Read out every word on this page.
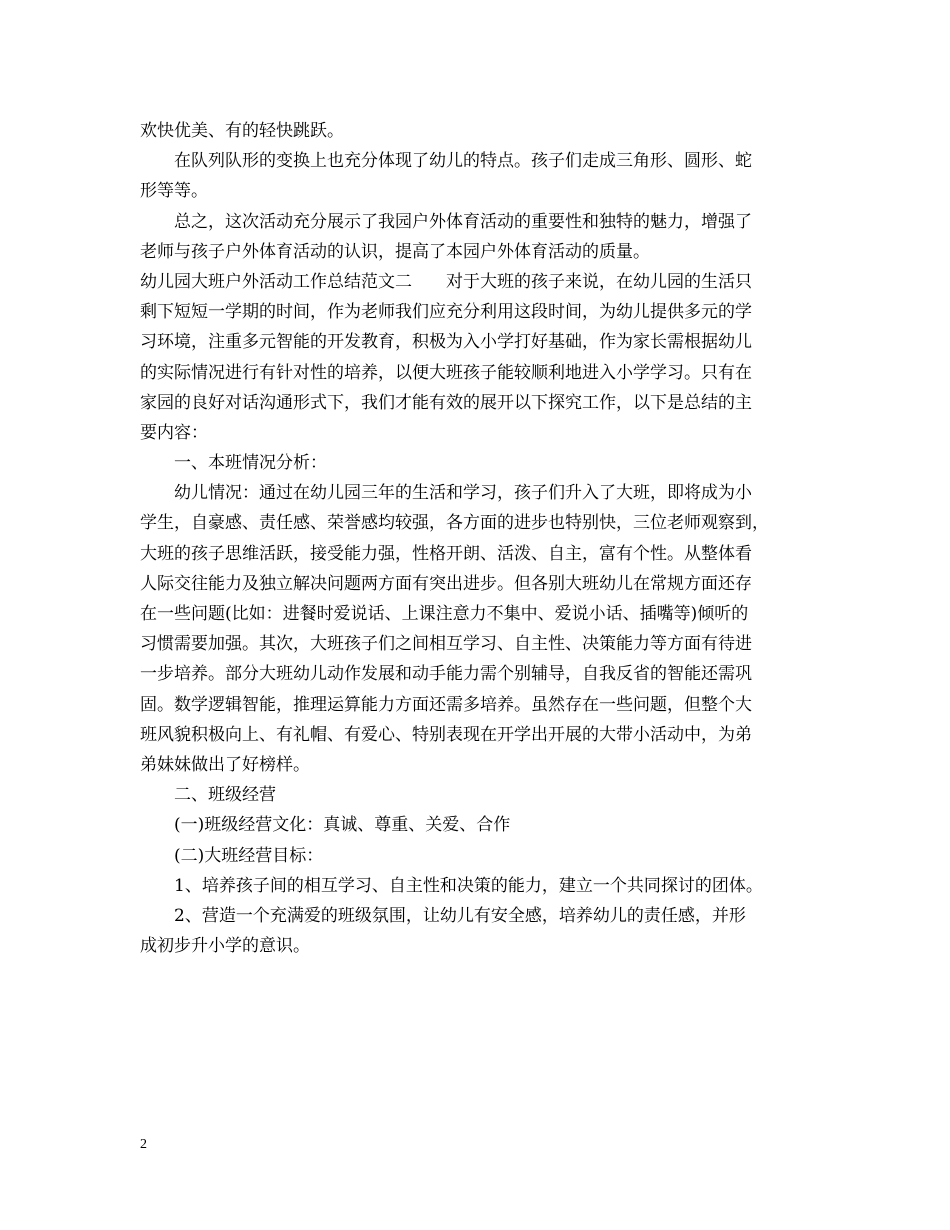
欢快优美、有的轻快跳跃。
在队列队形的变换上也充分体现了幼儿的特点。孩子们走成三角形、圆形、蛇
形等等。
总之，这次活动充分展示了我园户外体育活动的重要性和独特的魅力，增强了
老师与孩子户外体育活动的认识，提高了本园户外体育活动的质量。
幼儿园大班户外活动工作总结范文二　　对于大班的孩子来说，在幼儿园的生活只
剩下短短一学期的时间，作为老师我们应充分利用这段时间，为幼儿提供多元的学
习环境，注重多元智能的开发教育，积极为入小学打好基础，作为家长需根据幼儿
的实际情况进行有针对性的培养，以便大班孩子能较顺利地进入小学学习。只有在
家园的良好对话沟通形式下，我们才能有效的展开以下探究工作，以下是总结的主
要内容：
一、本班情况分析：
幼儿情况：通过在幼儿园三年的生活和学习，孩子们升入了大班，即将成为小
学生，自豪感、责任感、荣誉感均较强，各方面的进步也特别快，三位老师观察到，
大班的孩子思维活跃，接受能力强，性格开朗、活泼、自主，富有个性。从整体看
人际交往能力及独立解决问题两方面有突出进步。但各别大班幼儿在常规方面还存
在一些问题(比如：进餐时爱说话、上课注意力不集中、爱说小话、插嘴等)倾听的
习惯需要加强。其次，大班孩子们之间相互学习、自主性、决策能力等方面有待进
一步培养。部分大班幼儿动作发展和动手能力需个别辅导，自我反省的智能还需巩
固。数学逻辑智能，推理运算能力方面还需多培养。虽然存在一些问题，但整个大
班风貌积极向上、有礼帽、有爱心、特别表现在开学出开展的大带小活动中，为弟
弟妹妹做出了好榜样。
二、班级经营
(一)班级经营文化：真诚、尊重、关爱、合作
(二)大班经营目标：
1、培养孩子间的相互学习、自主性和决策的能力，建立一个共同探讨的团体。
2、营造一个充满爱的班级氛围，让幼儿有安全感，培养幼儿的责任感，并形
成初步升小学的意识。
2
